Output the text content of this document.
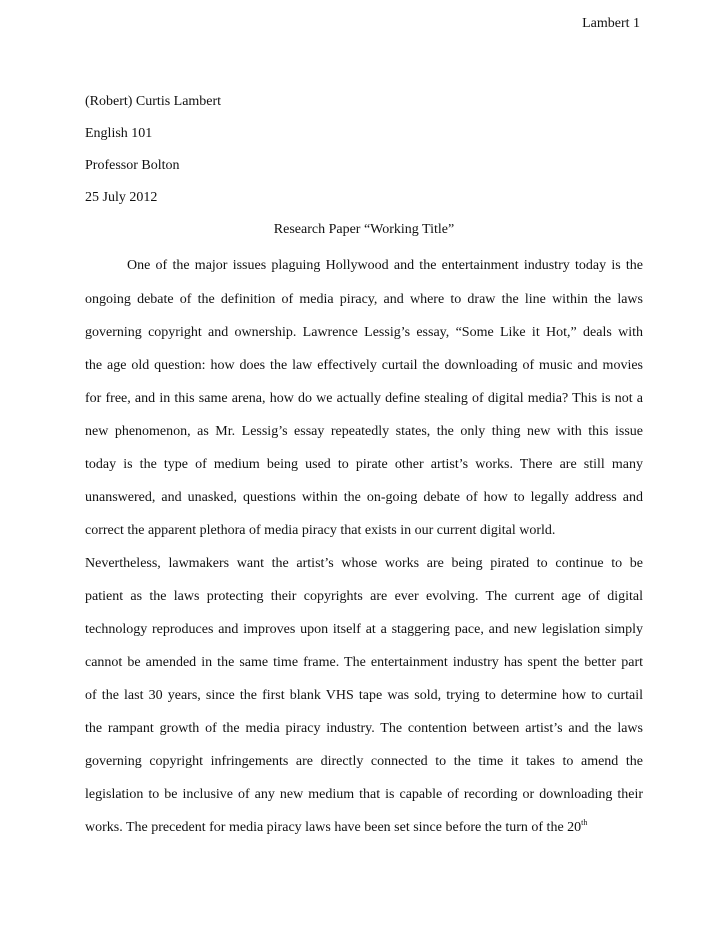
Lambert 1
(Robert) Curtis Lambert
English 101
Professor Bolton
25 July 2012
Research Paper “Working Title”
One of the major issues plaguing Hollywood and the entertainment industry today is the
ongoing debate of the definition of media piracy, and where to draw the line within the laws
governing copyright and ownership. Lawrence Lessig’s essay, “Some Like it Hot,” deals with
the age old question: how does the law effectively curtail the downloading of music and movies
for free, and in this same arena, how do we actually define stealing of digital media? This is not a
new phenomenon, as Mr. Lessig’s essay repeatedly states, the only thing new with this issue
today is the type of medium being used to pirate other artist’s works. There are still many
unanswered, and unasked, questions within the on-going debate of how to legally address and
correct the apparent plethora of media piracy that exists in our current digital world.
Nevertheless, lawmakers want the artist’s whose works are being pirated to continue to be
patient as the laws protecting their copyrights are ever evolving. The current age of digital
technology reproduces and improves upon itself at a staggering pace, and new legislation simply
cannot be amended in the same time frame. The entertainment industry has spent the better part
of the last 30 years, since the first blank VHS tape was sold, trying to determine how to curtail
the rampant growth of the media piracy industry. The contention between artist’s and the laws
governing copyright infringements are directly connected to the time it takes to amend the
legislation to be inclusive of any new medium that is capable of recording or downloading their
works. The precedent for media piracy laws have been set since before the turn of the 20th
